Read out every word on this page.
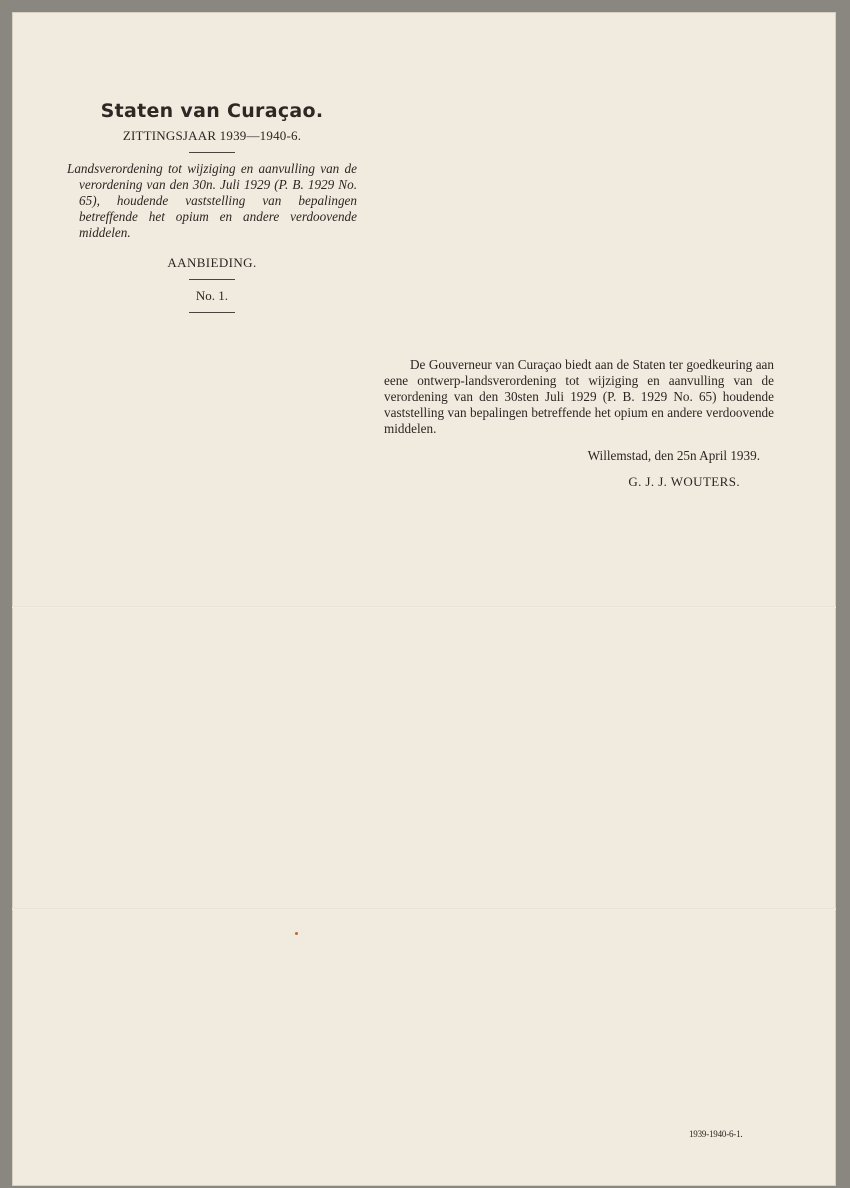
Staten van Curaçao.
ZITTINGSJAAR 1939—1940-6.

Landsverordening tot wijziging en aanvulling van de verordening van den 30n. Juli 1929 (P. B. 1929 No. 65), houdende vaststelling van bepalingen betreffende het opium en andere verdoovende middelen.

AANBIEDING.
No. 1.

De Gouverneur van Curaçao biedt aan de Staten ter goedkeuring aan eene ontwerp-landsverordening tot wijziging en aanvulling van de verordening van den 30sten Juli 1929 (P. B. 1929 No. 65) houdende vaststelling van bepalingen betreffende het opium en andere verdoovende middelen.

Willemstad, den 25n April 1939.
G. J. J. WOUTERS.
1939-1940-6-1.
